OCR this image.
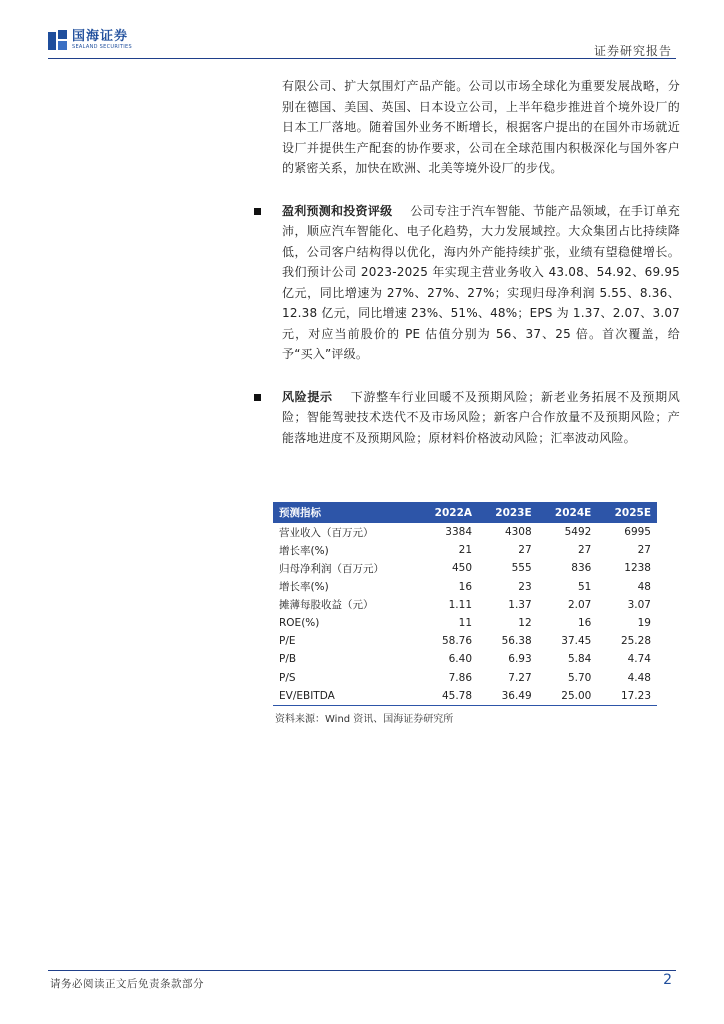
国海证券
SEALAND SECURITIES	证券研究报告

有限公司、扩大氛围灯产品产能。公司以市场全球化为重要发展战略，分别在德国、美国、英国、日本设立公司，上半年稳步推进首个境外设厂的日本工厂落地。随着国外业务不断增长，根据客户提出的在国外市场就近设厂并提供生产配套的协作要求，公司在全球范围内积极深化与国外客户的紧密关系，加快在欧洲、北美等境外设厂的步伐。

盈利预测和投资评级 公司专注于汽车智能、节能产品领域，在手订单充沛，顺应汽车智能化、电子化趋势，大力发展域控。大众集团占比持续降低，公司客户结构得以优化，海内外产能持续扩张，业绩有望稳健增长。我们预计公司 2023-2025 年实现主营业务收入 43.08、54.92、69.95 亿元，同比增速为 27%、27%、27%；实现归母净利润 5.55、8.36、12.38 亿元，同比增速 23%、51%、48%；EPS 为 1.37、2.07、3.07 元，对应当前股价的 PE 估值分别为 56、37、25 倍。首次覆盖，给予“买入”评级。

风险提示 下游整车行业回暖不及预期风险；新老业务拓展不及预期风险；智能驾驶技术迭代不及市场风险；新客户合作放量不及预期风险；产能落地进度不及预期风险；原材料价格波动风险；汇率波动风险。

预测指标	2022A	2023E	2024E	2025E
营业收入（百万元）	3384	4308	5492	6995
增长率(%)	21	27	27	27
归母净利润（百万元）	450	555	836	1238
增长率(%)	16	23	51	48
摊薄每股收益（元）	1.11	1.37	2.07	3.07
ROE(%)	11	12	16	19
P/E	58.76	56.38	37.45	25.28
P/B	6.40	6.93	5.84	4.74
P/S	7.86	7.27	5.70	4.48
EV/EBITDA	45.78	36.49	25.00	17.23
资料来源：Wind 资讯、国海证券研究所
请务必阅读正文后免责条款部分	2
